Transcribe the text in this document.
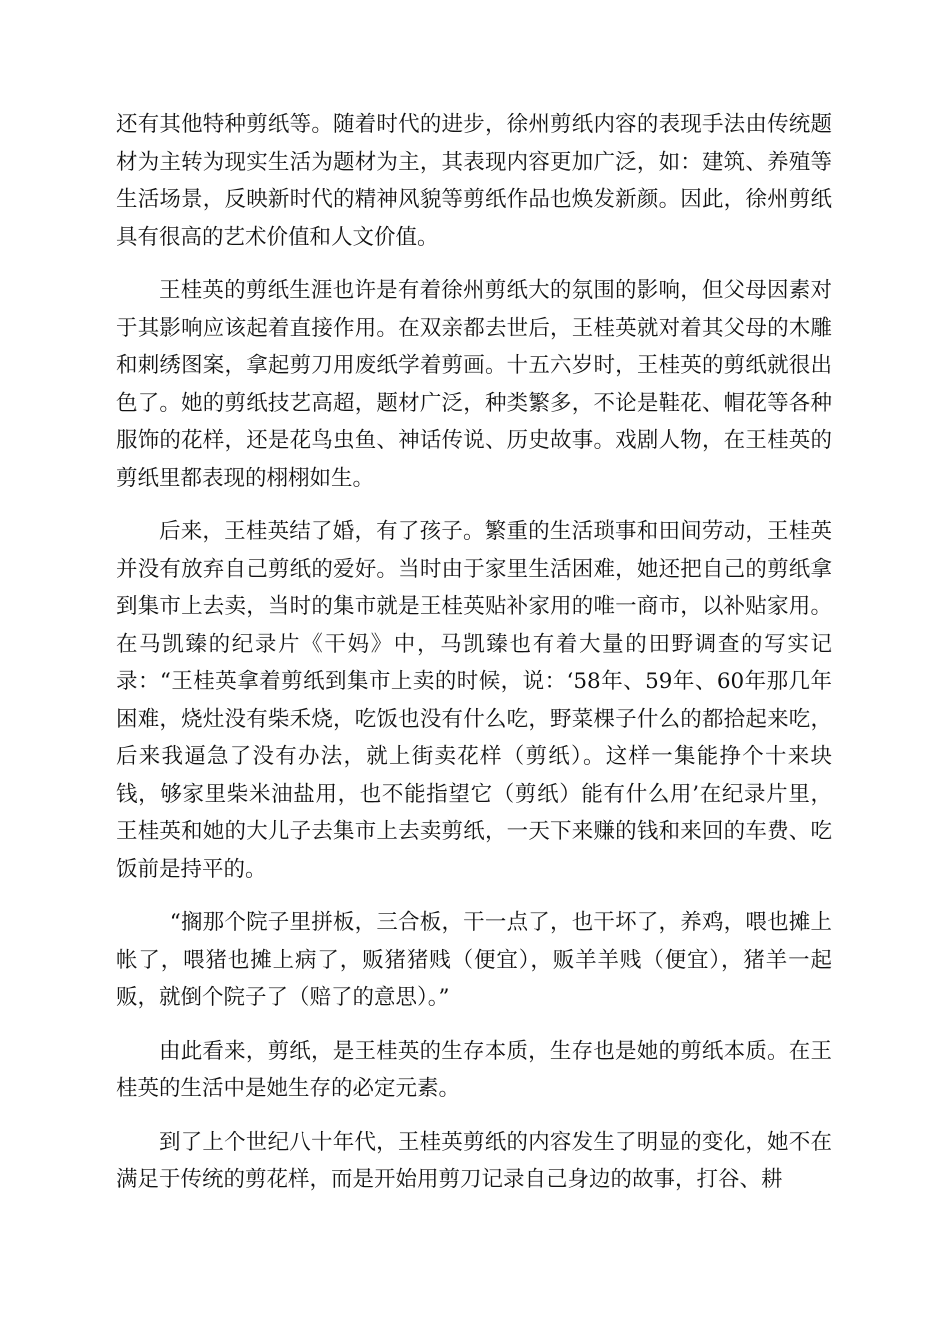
还有其他特种剪纸等。随着时代的进步，徐州剪纸内容的表现手法由传统题材为主转为现实生活为题材为主，其表现内容更加广泛，如：建筑、养殖等生活场景，反映新时代的精神风貌等剪纸作品也焕发新颜。因此，徐州剪纸具有很高的艺术价值和人文价值。

王桂英的剪纸生涯也许是有着徐州剪纸大的氛围的影响，但父母因素对于其影响应该起着直接作用。在双亲都去世后，王桂英就对着其父母的木雕和刺绣图案，拿起剪刀用废纸学着剪画。十五六岁时，王桂英的剪纸就很出色了。她的剪纸技艺高超，题材广泛，种类繁多，不论是鞋花、帽花等各种服饰的花样，还是花鸟虫鱼、神话传说、历史故事。戏剧人物，在王桂英的剪纸里都表现的栩栩如生。

后来，王桂英结了婚，有了孩子。繁重的生活琐事和田间劳动，王桂英并没有放弃自己剪纸的爱好。当时由于家里生活困难，她还把自己的剪纸拿到集市上去卖，当时的集市就是王桂英贴补家用的唯一商市，以补贴家用。在马凯臻的纪录片《干妈》中，马凯臻也有着大量的田野调查的写实记录：“王桂英拿着剪纸到集市上卖的时候，说：‘58年、59年、60年那几年困难，烧灶没有柴禾烧，吃饭也没有什么吃，野菜棵子什么的都拾起来吃，后来我逼急了没有办法，就上街卖花样（剪纸）。这样一集能挣个十来块钱，够家里柴米油盐用，也不能指望它（剪纸）能有什么用’在纪录片里，王桂英和她的大儿子去集市上去卖剪纸，一天下来赚的钱和来回的车费、吃饭前是持平的。

“搁那个院子里拼板，三合板，干一点了，也干坏了，养鸡，喂也摊上帐了，喂猪也摊上病了，贩猪猪贱（便宜），贩羊羊贱（便宜），猪羊一起贩，就倒个院子了（赔了的意思）。”

由此看来，剪纸，是王桂英的生存本质，生存也是她的剪纸本质。在王桂英的生活中是她生存的必定元素。

到了上个世纪八十年代，王桂英剪纸的内容发生了明显的变化，她不在满足于传统的剪花样，而是开始用剪刀记录自己身边的故事，打谷、耕
